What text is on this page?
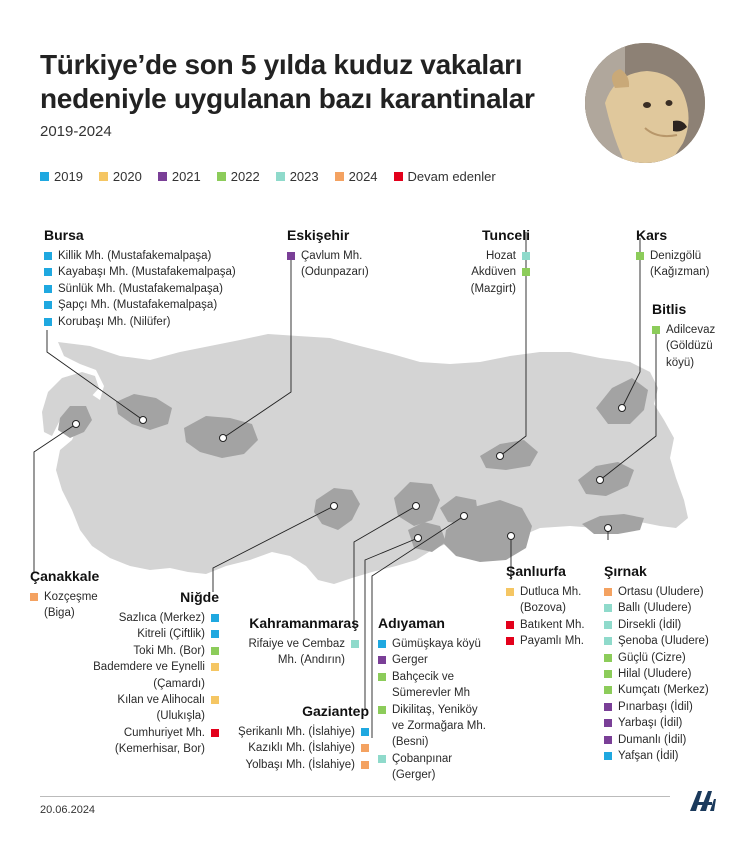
Türkiye’de son 5 yılda kuduz vakaları
nedeniyle uygulanan bazı karantinalar
2019-2024
2019 2020 2021 2022 2023 2024 Devam edenler
Bursa
Killik Mh. (Mustafakemalpaşa)
Kayabaşı Mh. (Mustafakemalpaşa)
Sünlük Mh. (Mustafakemalpaşa)
Şapçı Mh. (Mustafakemalpaşa)
Korubaşı Mh. (Nilüfer)
Eskişehir
Çavlum Mh.
(Odunpazarı)
Tunceli
Hozat
Akdüven
(Mazgirt)
Kars
Denizgölü
(Kağızman)
Bitlis
Adilcevaz
(Göldüzü
köyü)
Çanakkale
Kozçeşme
(Biga)
Niğde
Sazlıca (Merkez)
Kitreli (Çiftlik)
Toki Mh. (Bor)
Bademdere ve Eynelli
(Çamardı)
Kılan ve Alihocalı
(Ulukışla)
Cumhuriyet Mh.
(Kemerhisar, Bor)
Kahramanmaraş
Rifaiye ve Cembaz
Mh. (Andırın)
Gaziantep
Şerikanlı Mh. (İslahiye)
Kazıklı Mh. (İslahiye)
Yolbaşı Mh. (İslahiye)
Adıyaman
Gümüşkaya köyü
Gerger
Bahçecik ve
Sümerevler Mh
Dikilitaş, Yeniköy
ve Zormağara Mh.
(Besni)
Çobanpınar
(Gerger)
Şanlıurfa
Dutluca Mh.
(Bozova)
Batıkent Mh.
Payamlı Mh.
Şırnak
Ortasu (Uludere)
Ballı (Uludere)
Dirsekli (İdil)
Şenoba (Uludere)
Güçlü (Cizre)
Hilal (Uludere)
Kumçatı (Merkez)
Pınarbaşı (İdil)
Yarbaşı (İdil)
Dumanlı (İdil)
Yafşan (İdil)
20.06.2024
